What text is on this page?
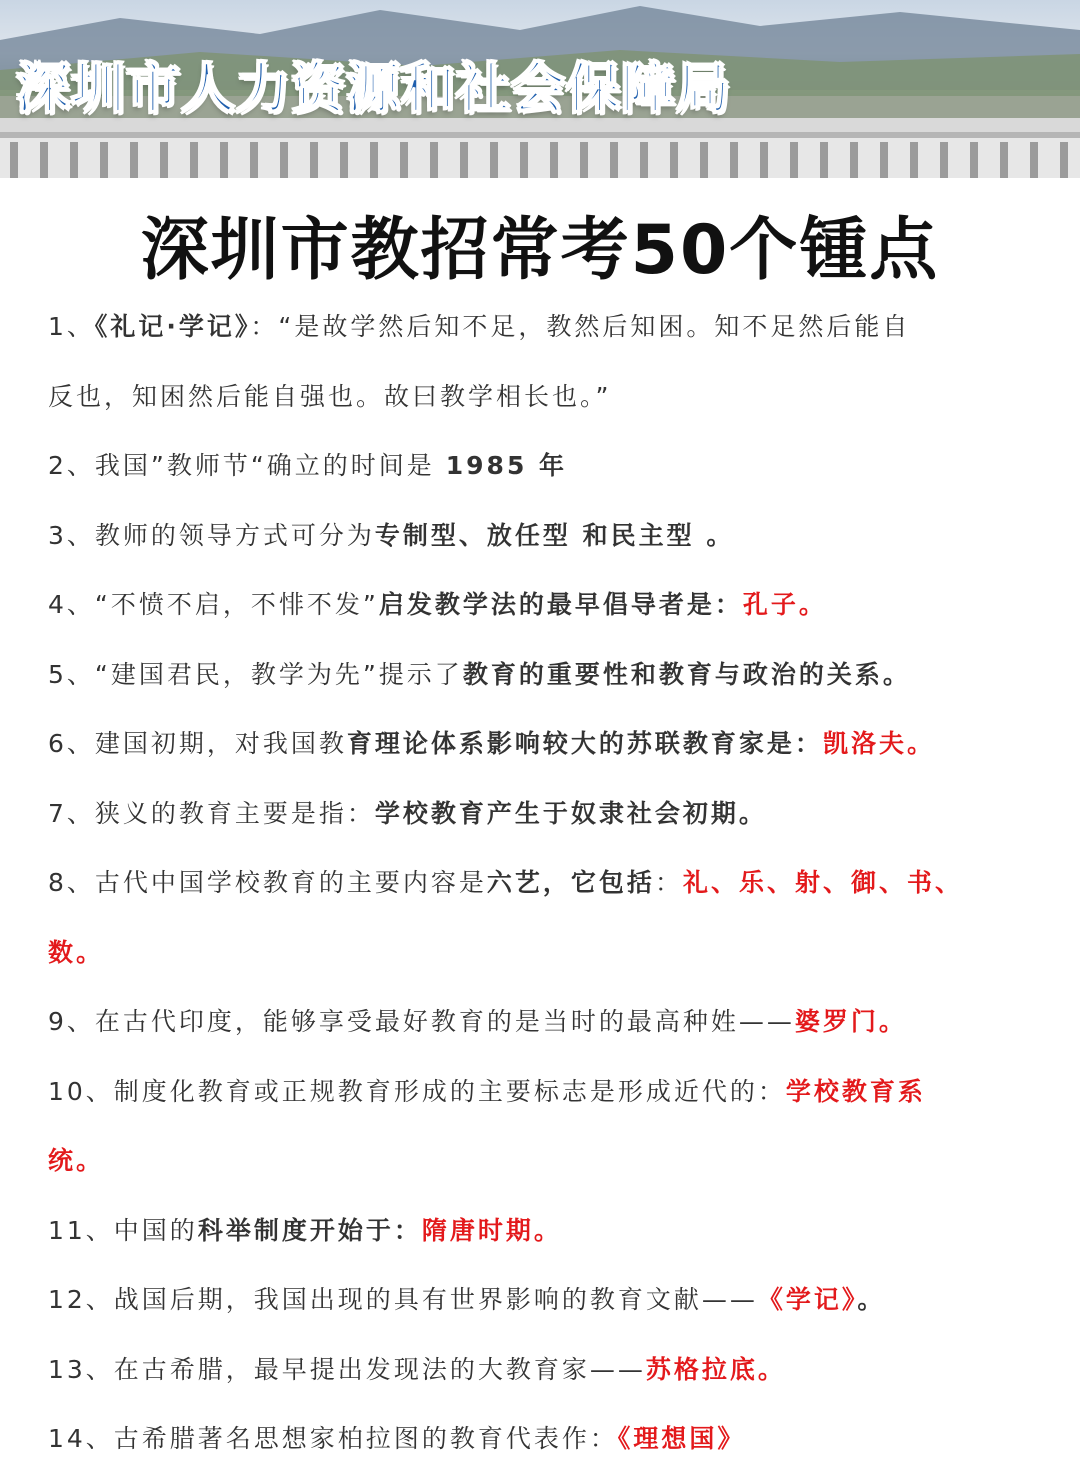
深圳市人力资源和社会保障局
深圳市教招常考50个锺点
1、《礼记·学记》：“是故学然后知不足，教然后知困。知不足然后能自
反也，知困然后能自强也。故曰教学相长也。”
2、我国”教师节“确立的时间是 1985 年
3、教师的领导方式可分为专制型、放任型 和民主型 。
4、“不愤不启，不悱不发”启发教学法的最早倡导者是：孔子。
5、“建国君民，教学为先”提示了教育的重要性和教育与政治的关系。
6、建国初期，对我国教育理论体系影响较大的苏联教育家是：凯洛夫。
7、狭义的教育主要是指：学校教育产生于奴隶社会初期。
8、古代中国学校教育的主要内容是六艺，它包括：礼、乐、射、御、书、
数。
9、在古代印度，能够享受最好教育的是当时的最高种姓——婆罗门。
10、制度化教育或正规教育形成的主要标志是形成近代的：学校教育系
统。
11、中国的科举制度开始于：隋唐时期。
12、战国后期，我国出现的具有世界影响的教育文献——《学记》。
13、在古希腊，最早提出发现法的大教育家——苏格拉底。
14、古希腊著名思想家柏拉图的教育代表作：《理想国》
